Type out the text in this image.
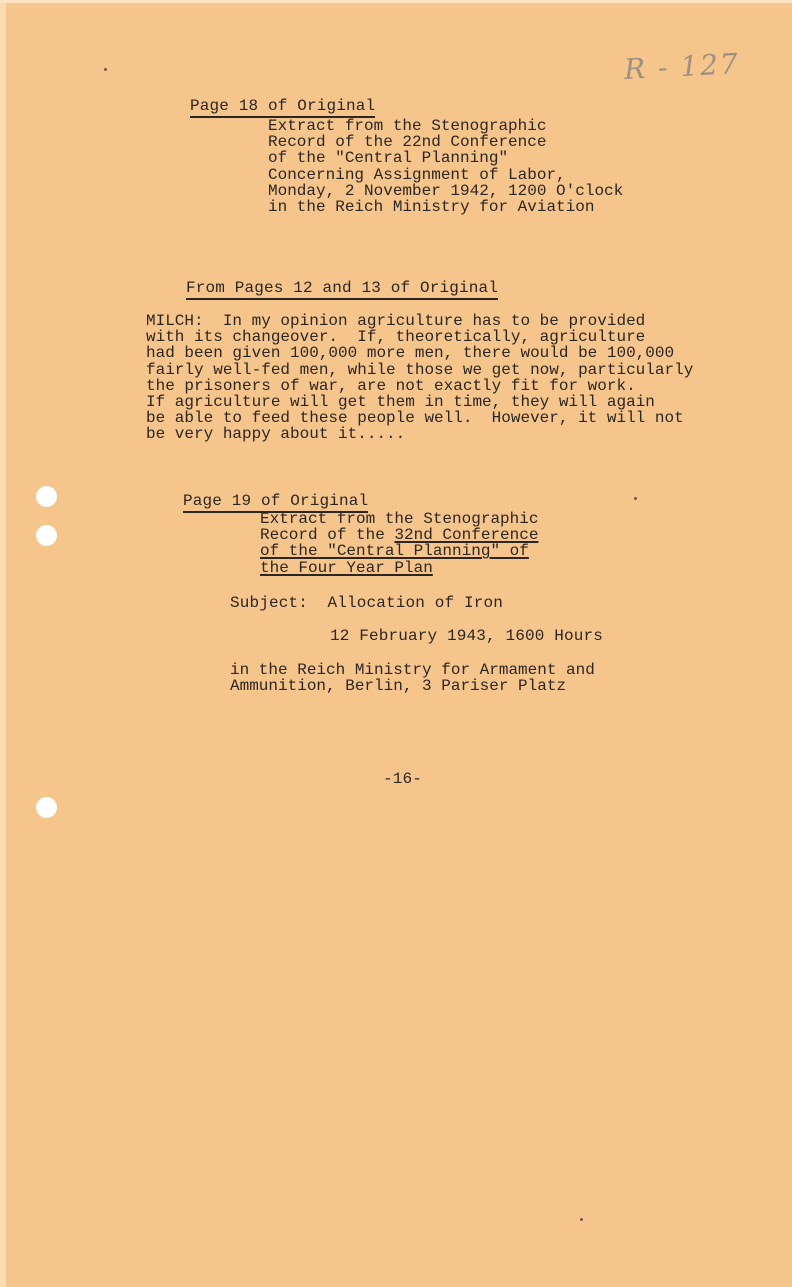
R - 127

Page 18 of Original

Extract from the Stenographic
Record of the 22nd Conference
of the "Central Planning"
Concerning Assignment of Labor,
Monday, 2 November 1942, 1200 O'clock
in the Reich Ministry for Aviation

From Pages 12 and 13 of Original

MILCH: In my opinion agriculture has to be provided
with its changeover.  If, theoretically, agriculture
had been given 100,000 more men, there would be 100,000
fairly well-fed men, while those we get now, particularly
the prisoners of war, are not exactly fit for work.
If agriculture will get them in time, they will again
be able to feed these people well.  However, it will not
be very happy about it.....

Page 19 of Original

Extract from the Stenographic
Record of the 32nd Conference
of the "Central Planning" of
the Four Year Plan
Subject: Allocation of Iron
12 February 1943, 1600 Hours
in the Reich Ministry for Armament and
Ammunition, Berlin, 3 Pariser Platz
-16-
